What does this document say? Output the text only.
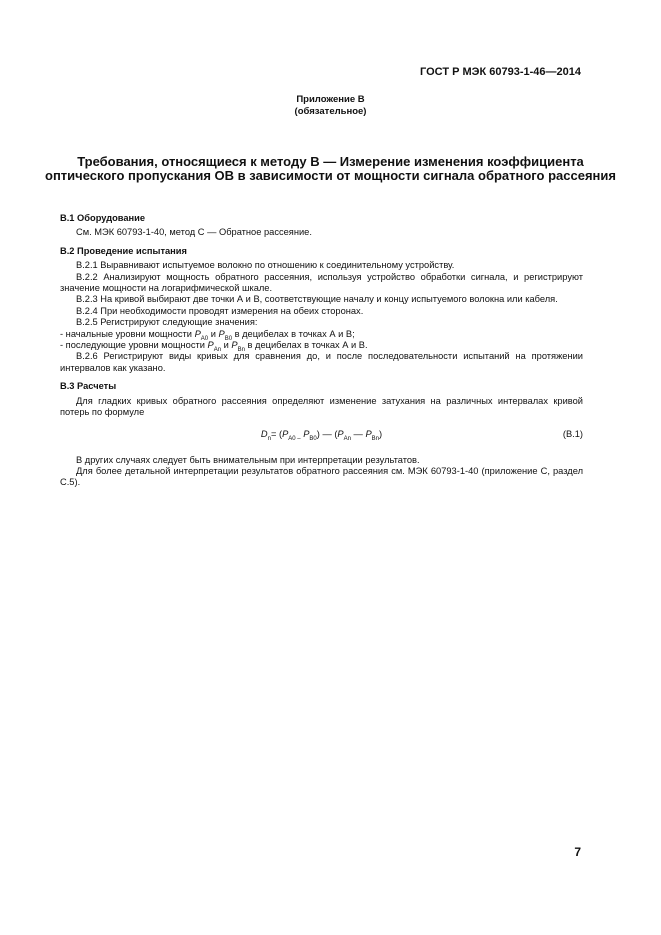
ГОСТ Р МЭК 60793-1-46—2014
Приложение В
(обязательное)
Требования, относящиеся к методу В — Измерение изменения коэффициента оптического пропускания ОВ в зависимости от мощности сигнала обратного рассеяния

В.1 Оборудование

См. МЭК 60793-1-40, метод С — Обратное рассеяние.

В.2 Проведение испытания

В.2.1 Выравнивают испытуемое волокно по отношению к соединительному устройству.

В.2.2 Анализируют мощность обратного рассеяния, используя устройство обработки сигнала, и регистрируют значение мощности на логарифмической шкале.

В.2.3 На кривой выбирают две точки А и В, соответствующие началу и концу испытуемого волокна или кабеля.

В.2.4 При необходимости проводят измерения на обеих сторонах.

В.2.5 Регистрируют следующие значения:

- начальные уровни мощности $P_{A0}$ и $P_{B0}$ в децибелах в точках А и В;

- последующие уровни мощности $P_{An}$ и $P_{Bn}$ в децибелах в точках А и В.

В.2.6 Регистрируют виды кривых для сравнения до, и после последовательности испытаний на протяжении интервалов как указано.

В.3 Расчеты

Для гладких кривых обратного рассеяния определяют изменение затухания на различных интервалах кривой потерь по формуле

$D_n= (P_{A0 -}$ $P_{B0}$) — ($P_{An}$ — $P_{Bn}$)	(В.1)

В других случаях следует быть внимательным при интерпретации результатов.

Для более детальной интерпретации результатов обратного рассеяния см. МЭК 60793-1-40 (приложение С, раздел С.5).

7
